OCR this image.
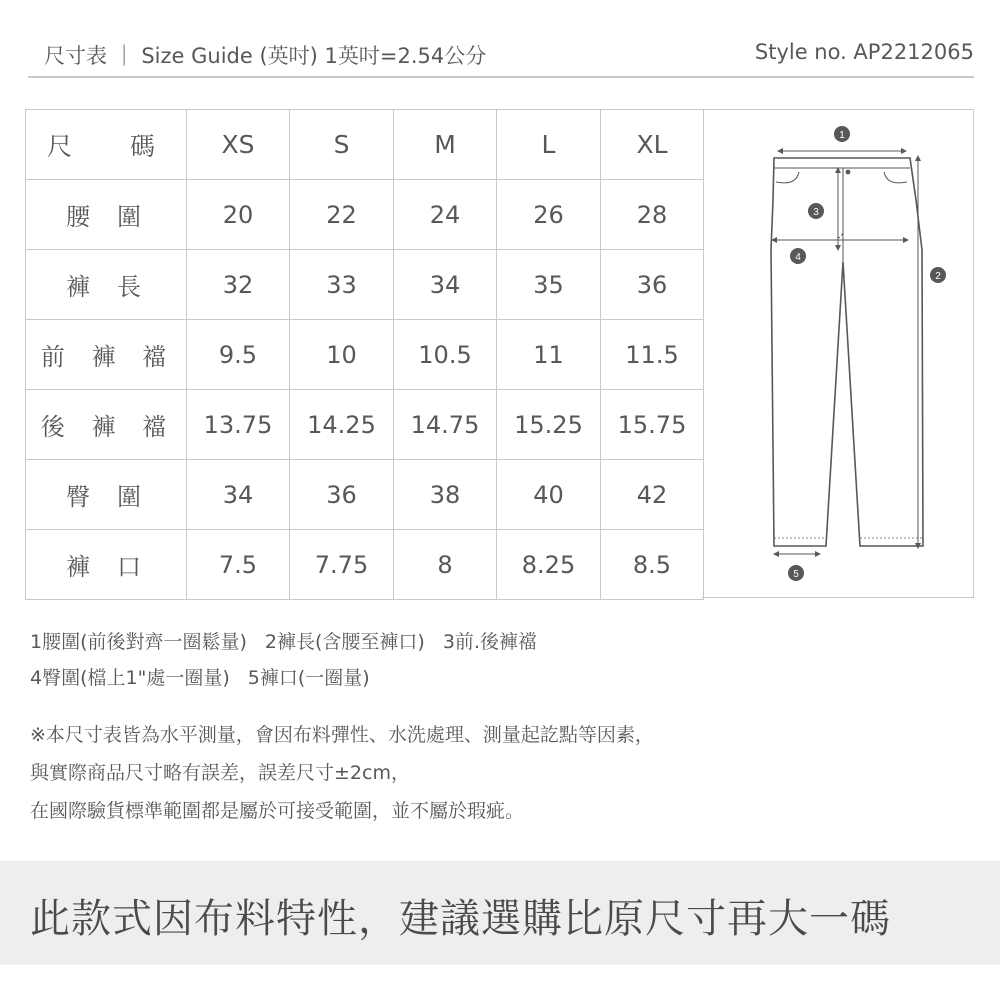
尺寸表 ｜ Size Guide (英吋) 1英吋=2.54公分	Style no. AP2212065
尺 碼	XS	S	M	L	XL
腰 圍	20	22	24	26	28
褲 長	32	33	34	35	36
前 褲 襠	9.5	10	10.5	11	11.5
後 褲 襠	13.75	14.25	14.75	15.25	15.75
臀 圍	34	36	38	40	42
褲 口	7.5	7.75	8	8.25	8.5
1
2
3
4
5
1腰圍(前後對齊一圈鬆量) 2褲長(含腰至褲口) 3前.後褲襠
4臀圍(檔上1"處一圈量) 5褲口(一圈量)
※本尺寸表皆為水平測量，會因布料彈性、水洗處理、測量起訖點等因素，
與實際商品尺寸略有誤差，誤差尺寸±2cm，
在國際驗貨標準範圍都是屬於可接受範圍，並不屬於瑕疵。
此款式因布料特性，建議選購比原尺寸再大一碼
